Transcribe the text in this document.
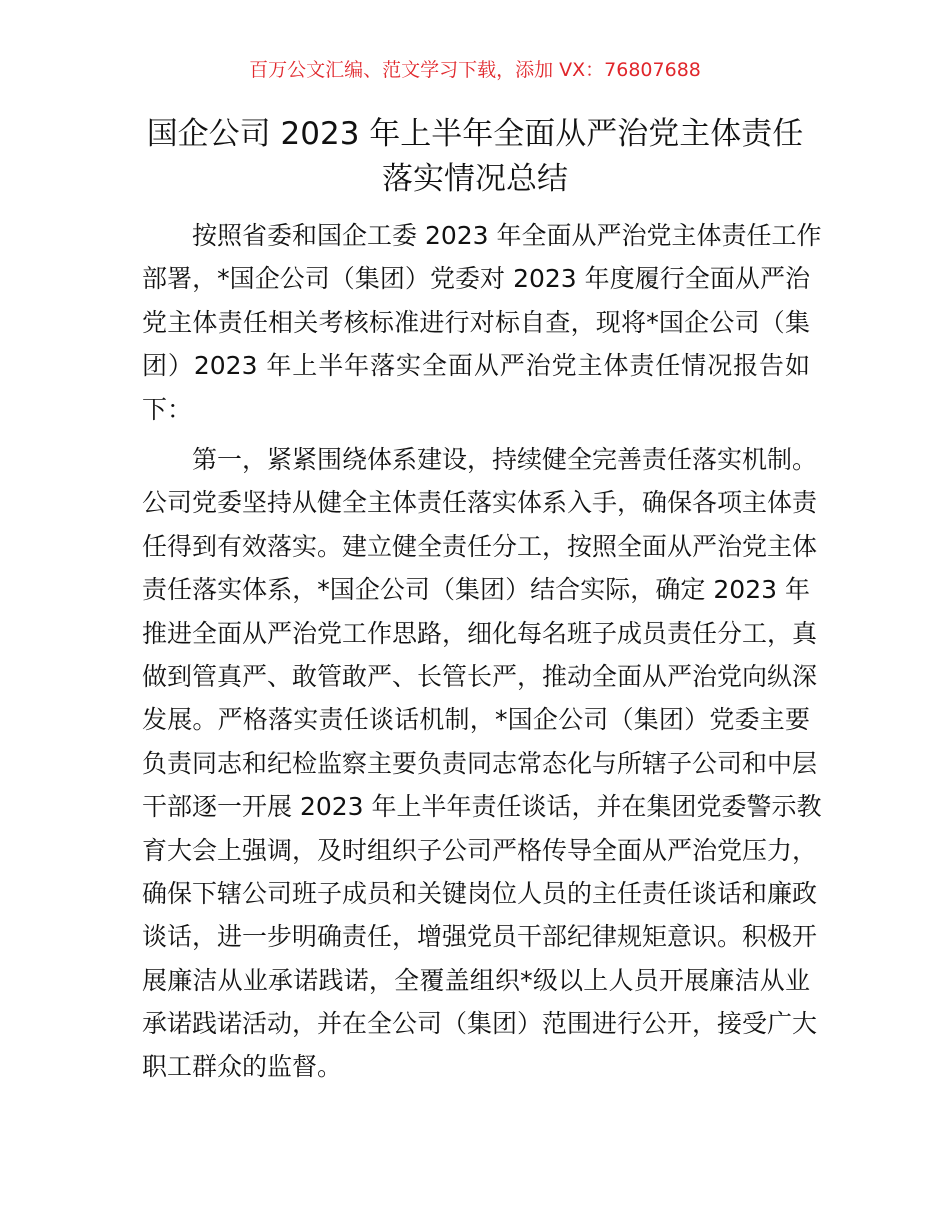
百万公文汇编、范文学习下载，添加 VX：76807688
国企公司 2023 年上半年全面从严治党主体责任
落实情况总结
按照省委和国企工委 2023 年全面从严治党主体责任工作
部署，*国企公司（集团）党委对 2023 年度履行全面从严治
党主体责任相关考核标准进行对标自查，现将*国企公司（集
团）2023 年上半年落实全面从严治党主体责任情况报告如
下：
第一，紧紧围绕体系建设，持续健全完善责任落实机制。
公司党委坚持从健全主体责任落实体系入手，确保各项主体责
任得到有效落实。建立健全责任分工，按照全面从严治党主体
责任落实体系，*国企公司（集团）结合实际，确定 2023 年
推进全面从严治党工作思路，细化每名班子成员责任分工，真
做到管真严、敢管敢严、长管长严，推动全面从严治党向纵深
发展。严格落实责任谈话机制，*国企公司（集团）党委主要
负责同志和纪检监察主要负责同志常态化与所辖子公司和中层
干部逐一开展 2023 年上半年责任谈话，并在集团党委警示教
育大会上强调，及时组织子公司严格传导全面从严治党压力，
确保下辖公司班子成员和关键岗位人员的主任责任谈话和廉政
谈话，进一步明确责任，增强党员干部纪律规矩意识。积极开
展廉洁从业承诺践诺，全覆盖组织*级以上人员开展廉洁从业
承诺践诺活动，并在全公司（集团）范围进行公开，接受广大
职工群众的监督。
